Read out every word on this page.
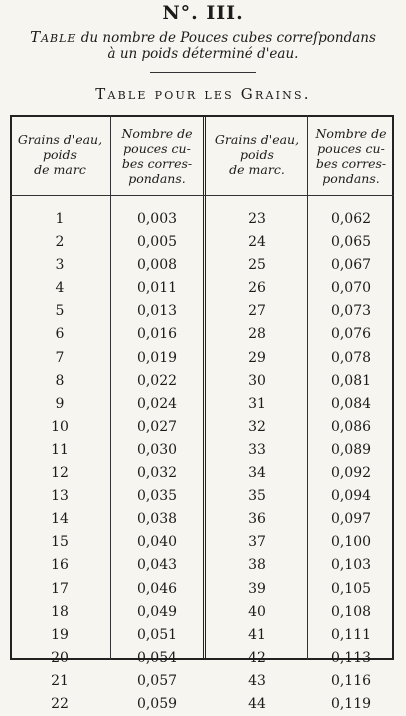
N°. III.
Table du nombre de Pouces cubes correſpondans
à un poids déterminé d'eau.
Table pour les Grains.
Grains d'eau,
poids
de marc
Nombre de
pouces cu-
bes corres-
pondans.
Grains d'eau,
poids
de marc.
Nombre de
pouces cu-
bes corres-
pondans.
1	0,003	23	0,062
2	0,005	24	0,065
3	0,008	25	0,067
4	0,011	26	0,070
5	0,013	27	0,073
6	0,016	28	0,076
7	0,019	29	0,078
8	0,022	30	0,081
9	0,024	31	0,084
10	0,027	32	0,086
11	0,030	33	0,089
12	0,032	34	0,092
13	0,035	35	0,094
14	0,038	36	0,097
15	0,040	37	0,100
16	0,043	38	0,103
17	0,046	39	0,105
18	0,049	40	0,108
19	0,051	41	0,111
20	0,054	42	0,113
21	0,057	43	0,116
22	0,059	44	0,119
